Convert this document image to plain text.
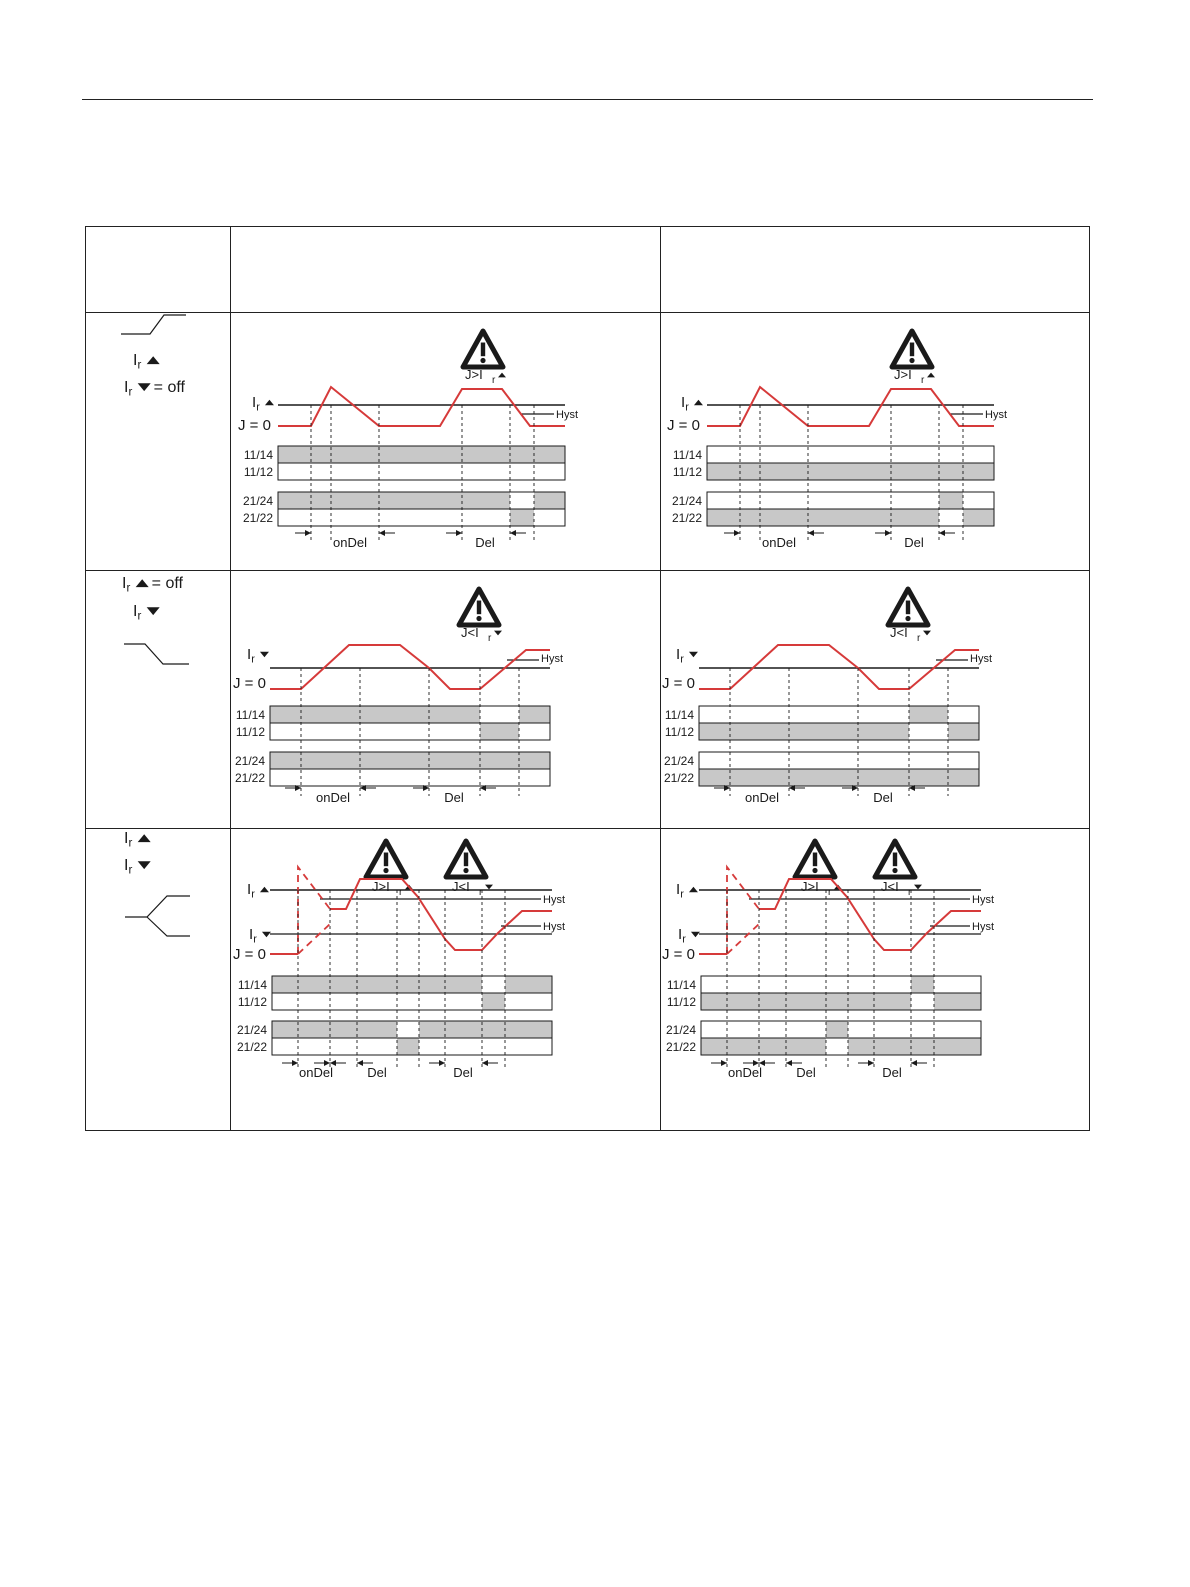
I r
I r = off
I r = off
I r
I r
I r
J>I r
I r
J = 0
Hyst
11/14
11/12
21/24
21/22
onDel	Del
J>I r
I r
J = 0
Hyst
11/14
11/12
21/24
21/22
onDel	Del
J<I r
I r
J = 0
Hyst
11/14
11/12
21/24
21/22
onDel	Del
J<I r
I r
J = 0
Hyst
11/14
11/12
21/24
21/22
onDel	Del
J>I r	J<I r
I r
I r
J = 0
Hyst
Hyst
11/14
11/12
21/24
21/22
onDel	Del	Del
J>I r	J<I r
I r
I r
J = 0
Hyst
Hyst
11/14
11/12
21/24
21/22
onDel	Del	Del
